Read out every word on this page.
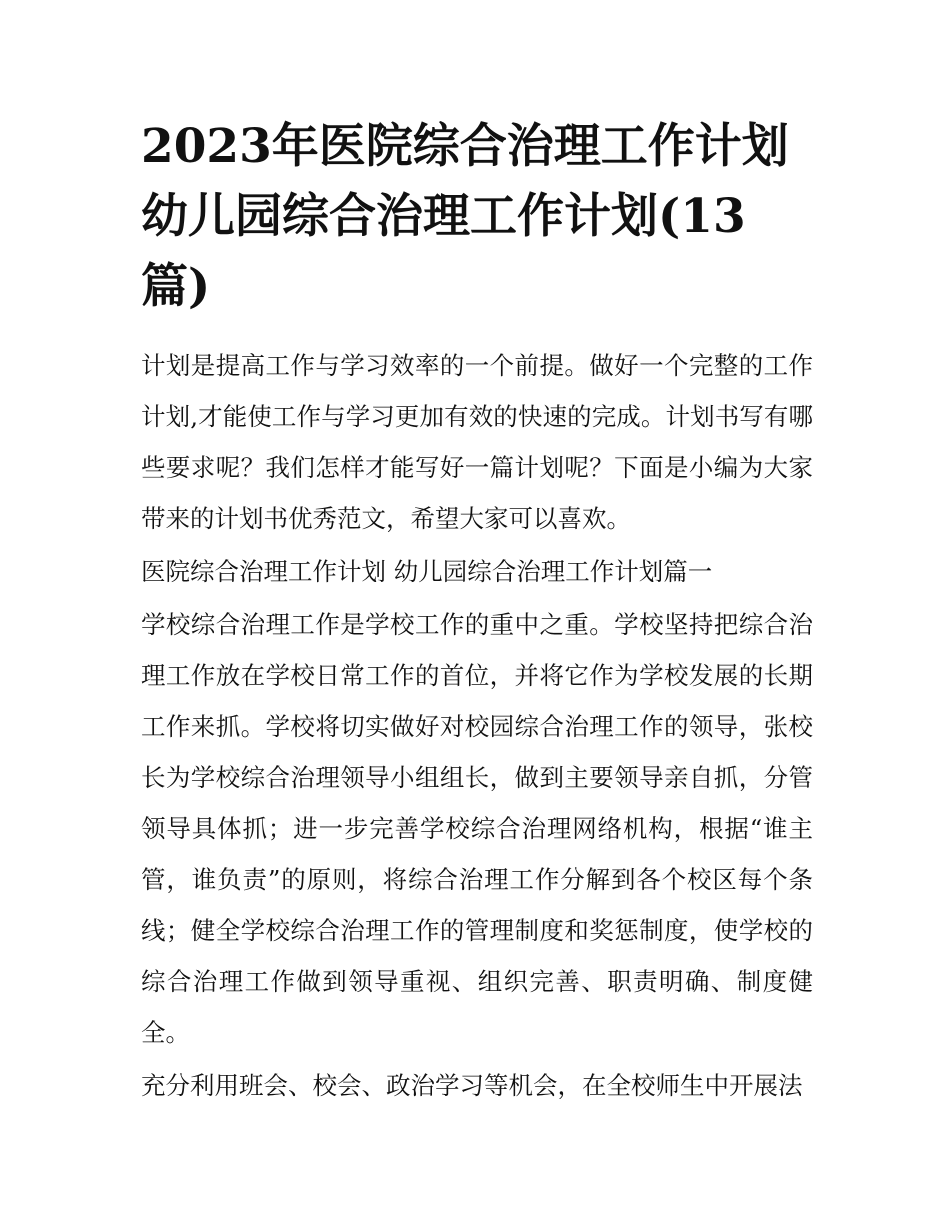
2023年医院综合治理工作计划 幼儿园综合治理工作计划(13篇)

计划是提高工作与学习效率的一个前提。做好一个完整的工作计划,才能使工作与学习更加有效的快速的完成。计划书写有哪些要求呢？我们怎样才能写好一篇计划呢？下面是小编为大家带来的计划书优秀范文，希望大家可以喜欢。

医院综合治理工作计划 幼儿园综合治理工作计划篇一

学校综合治理工作是学校工作的重中之重。学校坚持把综合治理工作放在学校日常工作的首位，并将它作为学校发展的长期工作来抓。学校将切实做好对校园综合治理工作的领导，张校长为学校综合治理领导小组组长，做到主要领导亲自抓，分管领导具体抓；进一步完善学校综合治理网络机构，根据“谁主管，谁负责”的原则，将综合治理工作分解到各个校区每个条线；健全学校综合治理工作的管理制度和奖惩制度，使学校的综合治理工作做到领导重视、组织完善、职责明确、制度健全。

充分利用班会、校会、政治学习等机会，在全校师生中开展法
